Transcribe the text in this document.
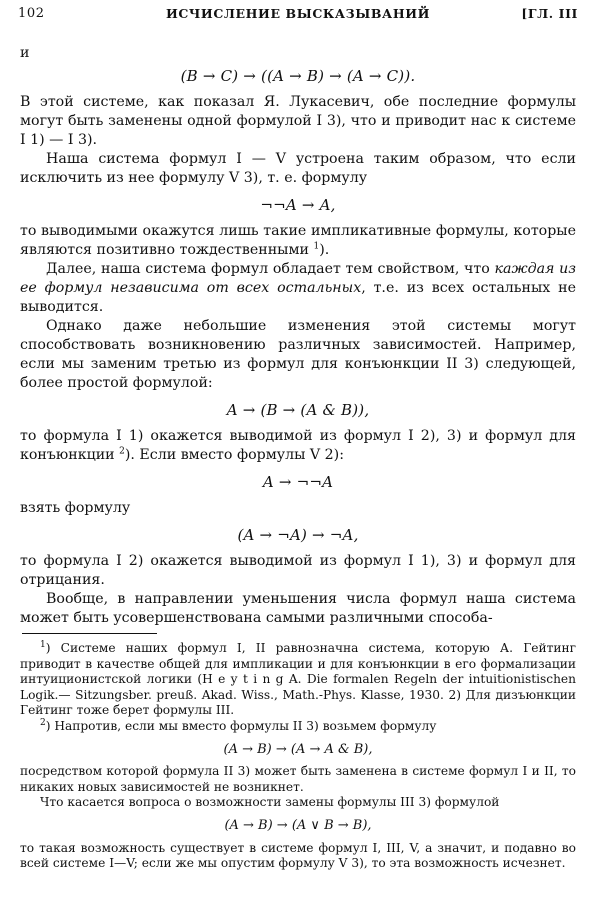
102	ИСЧИСЛЕНИЕ ВЫСКАЗЫВАНИЙ	[ГЛ. III

и

(B → C) → ((A → B) → (A → C)).

В этой системе, как показал Я. Лукасевич, обе последние формулы могут быть заменены одной формулой I 3), что и приводит нас к системе I 1) — I 3).

Наша система формул I — V устроена таким образом, что если исключить из нее формулу V 3), т. е. формулу

¬¬A → A,

то выводимыми окажутся лишь такие импликативные формулы, которые являются позитивно тождественными $^1$).

Далее, наша система формул обладает тем свойством, что каждая из ее формул независима от всех остальных, т.е. из всех остальных не выводится.

Однако даже небольшие изменения этой системы могут способствовать возникновению различных зависимостей. Например, если мы заменим третью из формул для конъюнкции II 3) следующей, более простой формулой:

A → (B → (A & B)),

то формула I 1) окажется выводимой из формул I 2), 3) и формул для конъюнкции $^2$). Если вместо формулы V 2):

A → ¬¬A

взять формулу

(A → ¬A) → ¬A,

то формула I 2) окажется выводимой из формул I 1), 3) и формул для отрицания.

Вообще, в направлении уменьшения числа формул наша система может быть усовершенствована самыми различными способа-

$^1$) Системе наших формул I, II равнозначна система, которую А. Гейтинг приводит в качестве общей для импликации и для конъюнкции в его формализации интуиционистской логики (H e y t i n g A. Die formalen Regeln der intuitionistischen Logik.— Sitzungsber. preuß. Akad. Wiss., Math.-Phys. Klasse, 1930. 2) Для дизъюнкции Гейтинг тоже берет формулы III.

$^2$) Напротив, если мы вместо формулы II 3) возьмем формулу

(A → B) → (A → A & B),

посредством которой формула II 3) может быть заменена в системе формул I и II, то никаких новых зависимостей не возникнет.

Что касается вопроса о возможности замены формулы III 3) формулой

(A → B) → (A ∨ B → B),

то такая возможность существует в системе формул I, III, V, а значит, и подавно во всей системе I—V; если же мы опустим формулу V 3), то эта возможность исчезнет.
